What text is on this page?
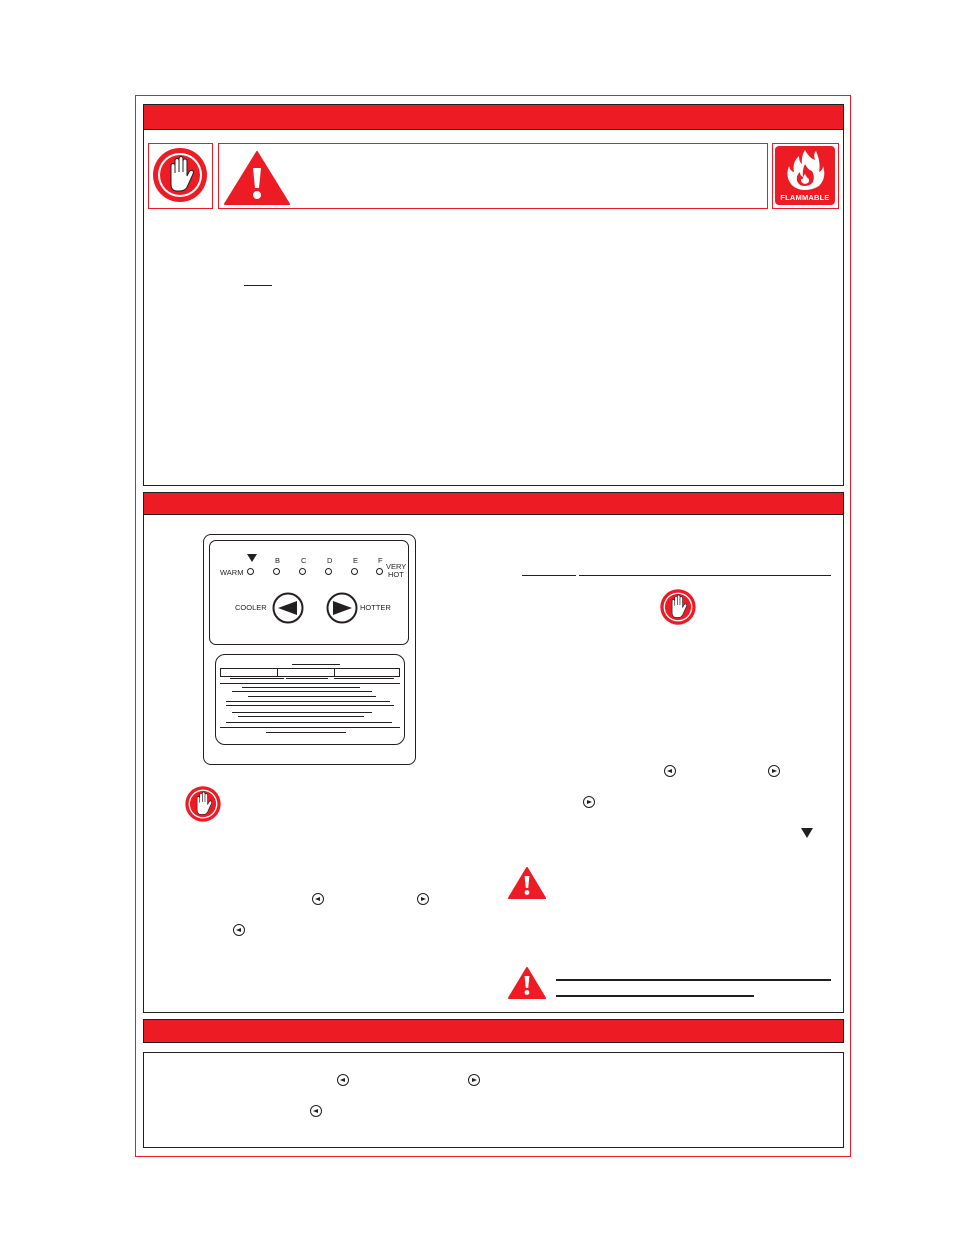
FLAMMABLE
B	C	D	E	F
WARM
VERY
HOT
COOLER	HOTTER
